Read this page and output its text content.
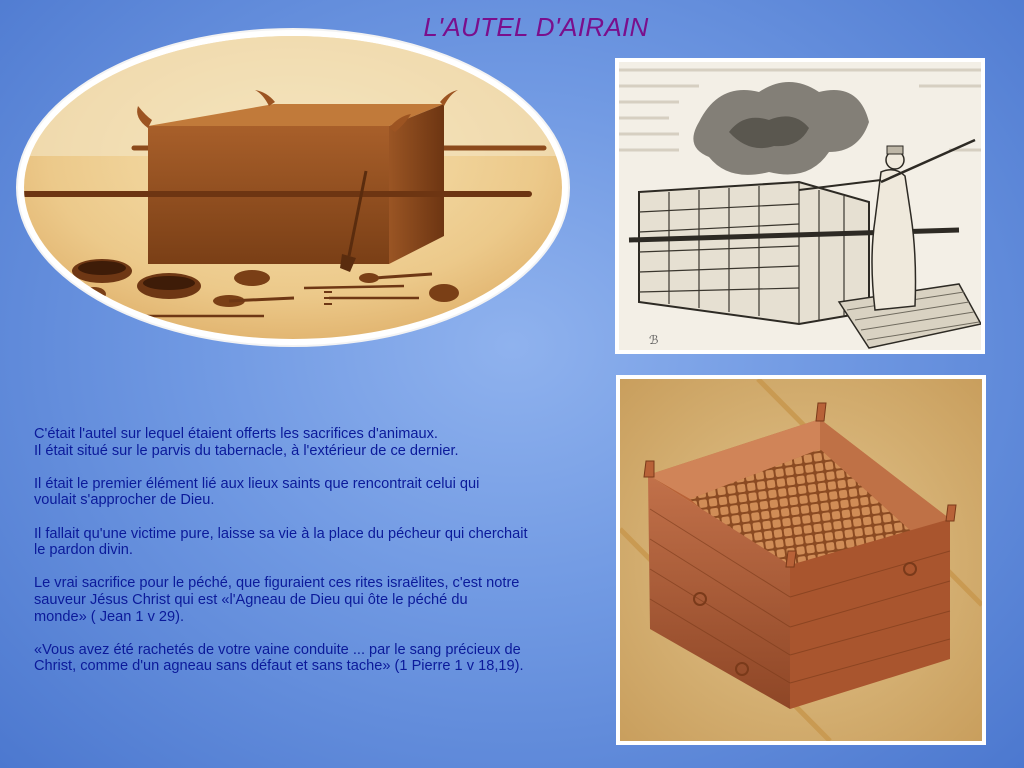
L'AUTEL D'AIRAIN
ℬ

C'était l'autel sur lequel étaient offerts les sacrifices d'animaux.
Il était situé sur le parvis du tabernacle, à l'extérieur de ce dernier.

Il était le premier élément lié aux lieux saints que rencontrait celui qui
voulait s'approcher de Dieu.

Il fallait qu'une victime pure, laisse sa vie à la place du pécheur qui cherchait
le pardon divin.

Le vrai sacrifice pour le péché, que figuraient ces rites israëlites, c'est notre
sauveur Jésus Christ qui est «l'Agneau de Dieu qui ôte le péché du
monde» ( Jean 1 v 29).

«Vous avez été rachetés de votre vaine conduite ... par le sang précieux de
Christ, comme d'un agneau sans défaut et sans tache» (1 Pierre 1 v 18,19).
